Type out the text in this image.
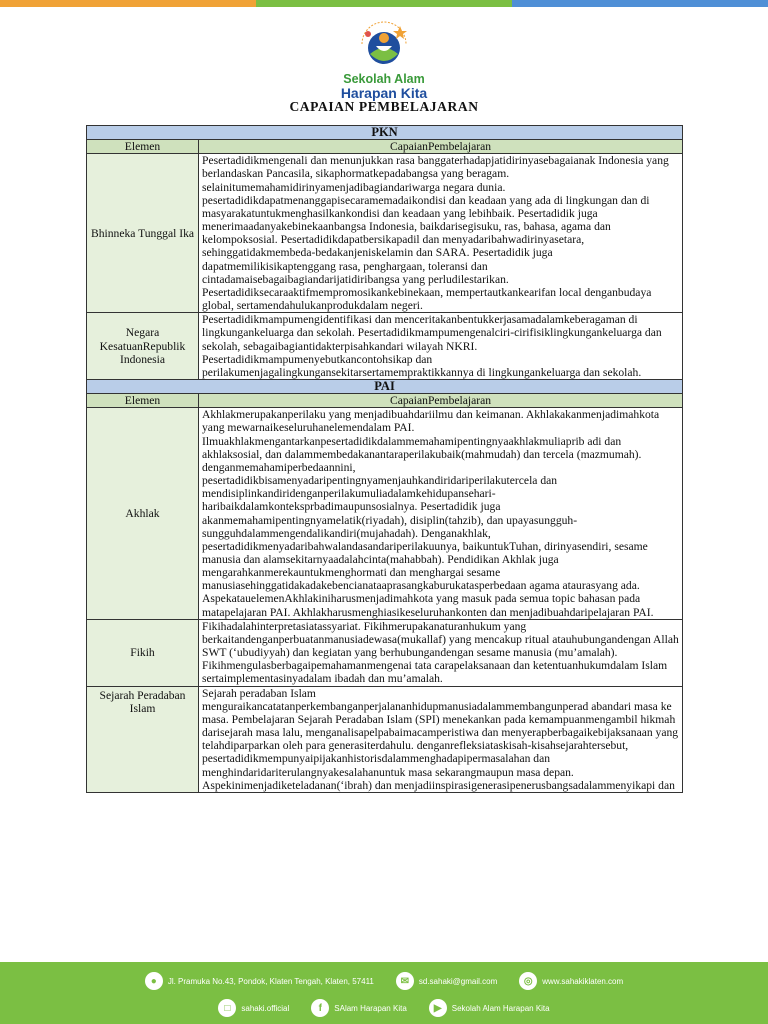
Sekolah Alam
Harapan Kita
CAPAIAN PEMBELAJARAN
PKN	
Elemen	CapaianPembelajaran
Bhinneka Tunggal Ika	Pesertadidikmengenali dan menunjukkan rasa banggaterhadapjatidirinyasebagaianak Indonesia yang berlandaskan Pancasila, sikaphormatkepadabangsa yang beragam. selainitumemahamidirinyamenjadibagiandariwarga negara dunia. pesertadidikdapatmenanggapisecaramemadaikondisi dan keadaan yang ada di lingkungan dan di masyarakatuntukmenghasilkankondisi dan keadaan yang lebihbaik. Pesertadidik juga menerimaadanyakebinekaanbangsa Indonesia, baikdarisegisuku, ras, bahasa, agama dan kelompoksosial. Pesertadidikdapatbersikapadil dan menyadaribahwadirinyasetara, sehinggatidakmembeda-bedakanjeniskelamin dan SARA. Pesertadidik juga dapatmemilikisikaptenggang rasa, penghargaan, toleransi dan cintadamaisebagaibagiandarijatidiribangsa yang perludilestarikan. Pesertadidiksecaraaktifmempromosikankebinekaan, mempertautkankearifan local denganbudaya global, sertamendahulukanprodukdalam negeri.
Negara KesatuanRepublik Indonesia	Pesertadidikmampumengidentifikasi dan menceritakanbentukkerjasamadalamkeberagaman di lingkungankeluarga dan sekolah. Pesertadidikmampumengenalciri-cirifisiklingkungankeluarga dan sekolah, sebagaibagiantidakterpisahkandari wilayah NKRI. Pesertadidikmampumenyebutkancontohsikap dan perilakumenjagalingkungansekitarsertamempraktikkannya di lingkungankeluarga dan sekolah.
PAI	
Elemen	CapaianPembelajaran
Akhlak	Akhlakmerupakanperilaku yang menjadibuahdariilmu dan keimanan. Akhlakakanmenjadimahkota yang mewarnaikeseluruhanelemendalam PAI. Ilmuakhlakmengantarkanpesertadidikdalammemahamipentingnyaakhlakmuliaprib adi dan akhlaksosial, dan dalammembedakanantaraperilakubaik(mahmudah) dan tercela (mazmumah). denganmemahamiperbedaannini, pesertadidikbisamenyadaripentingnyamenjauhkandiridariperilakutercela dan mendisiplinkandiridenganperilakumuliadalamkehidupansehari-haribaikdalamkonteksprbadimaupunsosialnya. Pesertadidik juga akanmemahamipentingnyamelatik(riyadah), disiplin(tahzib), dan upayasungguh-sungguhdalammengendalikandiri(mujahadah). Denganakhlak, pesertadidikmenyadaribahwalandasandariperilakuunya, baikuntukTuhan, dirinyasendiri, sesame manusia dan alamsekitarnyaadalahcinta(mahabbah). Pendidikan Akhlak juga mengarahkanmerekauntukmenghormati dan menghargai sesame manusiasehinggatidakadakebencianataaprasangkaburukatasperbedaan agama ataurasyang ada. AspekatauelemenAkhlakiniharusmenjadimahkota yang masuk pada semua topic bahasan pada matapelajaran PAI. Akhlakharusmenghiasikeseluruhankonten dan menjadibuahdaripelajaran PAI.
Fikih	Fikihadalahinterpretasiatassyariat. Fikihmerupakanaturanhukum yang berkaitandenganperbuatanmanusiadewasa(mukallaf) yang mencakup ritual atauhubungandengan Allah SWT (‘ubudiyyah) dan kegiatan yang berhubungandengan sesame manusia (mu’amalah). Fikihmengulasberbagaipemahamanmengenai tata carapelaksanaan dan ketentuanhukumdalam Islam sertaimplementasinyadalam ibadah dan mu’amalah.
Sejarah Peradaban Islam	Sejarah peradaban Islam menguraikancatatanperkembanganperjalananhidupmanusiadalammembangunperad abandari masa ke masa. Pembelajaran Sejarah Peradaban Islam (SPI) menekankan pada kemampuanmengambil hikmah darisejarah masa lalu, menganalisapelpabaimacamperistiwa dan menyerapberbagaikebijaksanaan yang telahdiparparkan oleh para generasiterdahulu. denganrefleksiataskisah-kisahsejarahtersebut, pesertadidikmempunyaipijakanhistorisdalammenghadapipermasalahan dan menghindaridariterulangnyakesalahanuntuk masa sekarangmaupun masa depan. Aspekinimenjadiketeladanan(‘ibrah) dan menjadiinspirasigenerasipenerusbangsadalammenyikapi dan
●	Jl. Pramuka No.43, Pondok, Klaten Tengah, Klaten, 57411	✉	sd.sahaki@gmail.com	◎	www.sahakiklaten.com
□	sahaki.official	f	SAlam Harapan Kita	▶	Sekolah Alam Harapan Kita
